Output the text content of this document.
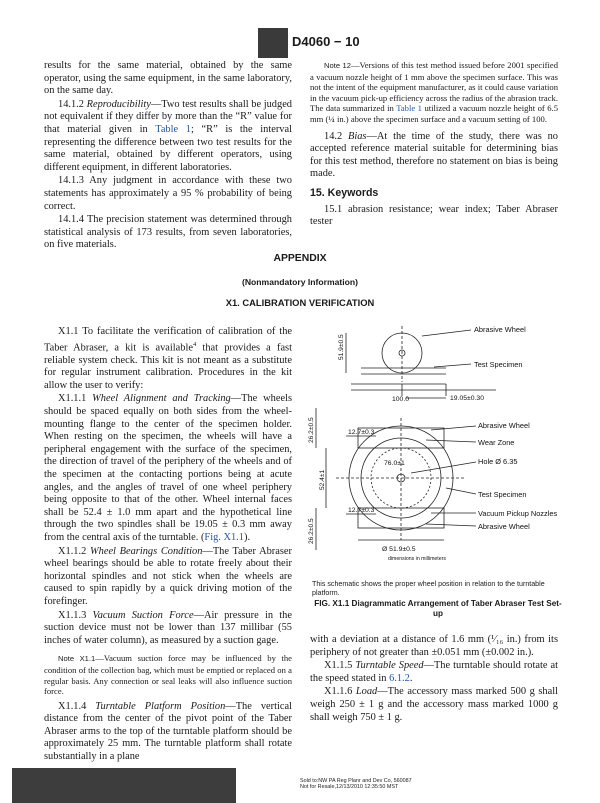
D4060 − 10

results for the same material, obtained by the same operator, using the same equipment, in the same laboratory, on the same day.

14.1.2 Reproducibility—Two test results shall be judged not equivalent if they differ by more than the “R” value for that material given in Table 1; “R” is the interval representing the difference between two test results for the same material, obtained by different operators, using different equipment, in different laboratories.

14.1.3 Any judgment in accordance with these two statements has approximately a 95 % probability of being correct.

14.1.4 The precision statement was determined through statistical analysis of 173 results, from seven laboratories, on five materials.

Note 12—Versions of this test method issued before 2001 specified a vacuum nozzle height of 1 mm above the specimen surface. This was not the intent of the equipment manufacturer, as it could cause variation in the vacuum pick-up efficiency across the radius of the abrasion track. The data summarized in Table 1 utilized a vacuum nozzle height of 6.5 mm (¼ in.) above the specimen surface and a vacuum setting of 100.

14.2 Bias—At the time of the study, there was no accepted reference material suitable for determining bias for this test method, therefore no statement on bias is being made.

15. Keywords

15.1 abrasion resistance; wear index; Taber Abraser tester

APPENDIX
(Nonmandatory Information)
X1. CALIBRATION VERIFICATION

X1.1 To facilitate the verification of calibration of the Taber Abraser, a kit is available$^4$ that provides a fast reliable system check. This kit is not meant as a substitute for regular instrument calibration. Procedures in the kit allow the user to verify:

X1.1.1 Wheel Alignment and Tracking—The wheels should be spaced equally on both sides from the wheel-mounting flange to the center of the specimen holder. When resting on the specimen, the wheels will have a peripheral engagement with the surface of the specimen, the direction of travel of the periphery of the wheels and of the specimen at the contacting portions being at acute angles, and the angles of travel of one wheel periphery being opposite to that of the other. Wheel internal faces shall be 52.4 ± 1.0 mm apart and the hypothetical line through the two spindles shall be 19.05 ± 0.3 mm away from the central axis of the turntable. (Fig. X1.1).

X1.1.2 Wheel Bearings Condition—The Taber Abraser wheel bearings should be able to rotate freely about their horizontal spindles and not stick when the wheels are caused to spin rapidly by a quick driving motion of the forefinger.

X1.1.3 Vacuum Suction Force—Air pressure in the suction device must not be lower than 137 millibar (55 inches of water column), as measured by a suction gage.

Note X1.1—Vacuum suction force may be influenced by the condition of the collection bag, which must be emptied or replaced on a regular basis. Any connection or seal leaks will also influence suction force.

X1.1.4 Turntable Platform Position—The vertical distance from the center of the pivot point of the Taber Abraser arms to the top of the turntable platform should be approximately 25 mm. The turntable platform shall rotate substantially in a plane

Abrasive Wheel
Test Specimen
51.9±0.5
19.05±0.30
100.0
26.2±0.5	Abrasive Wheel
12.7±0.3
Wear Zone
76.0±1	Hole Ø 6.35
52.4±1
Test Specimen
12.7±0.3
26.2±0.5
Vacuum Pickup Nozzles
Abrasive Wheel
Ø 51.9±0.5
dimensions in millimeters
This schematic shows the proper wheel position in relation to the turntable platform.
FIG. X1.1 Diagrammatic Arrangement of Taber Abraser Test Set-up

with a deviation at a distance of 1.6 mm (¹⁄₁₆ in.) from its periphery of not greater than ±0.051 mm (±0.002 in.).

X1.1.5 Turntable Speed—The turntable should rotate at the speed stated in 6.1.2.

X1.1.6 Load—The accessory mass marked 500 g shall weigh 250 ± 1 g and the accessory mass marked 1000 g shall weigh 750 ± 1 g.

Sold to:NW PA Reg Planr and Dev Co, 560087
Not for Resale,12/13/2010 12:35:50 MST
